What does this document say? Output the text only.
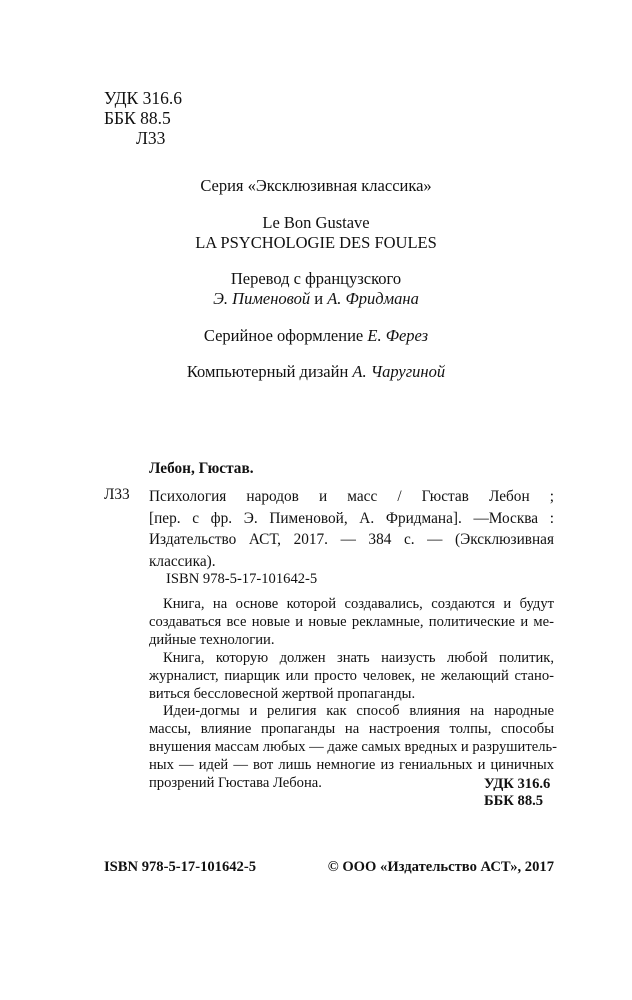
УДК 316.6
ББК 88.5
Л33
Серия «Эксклюзивная классика»
Le Bon Gustave
LA PSYCHOLOGIE DES FOULES
Перевод с французского
Э. Пименовой и А. Фридмана
Серийное оформление Е. Ферез
Компьютерный дизайн А. Чаругиной
Лебон, Гюстав.
Л33 Психология народов и масс / Гюстав Лебон ;
[пер. с фр. Э. Пименовой, А. Фридмана]. —Москва :
Издательство АСТ, 2017. — 384 с. — (Эксклюзивная
классика).
ISBN 978-5-17-101642-5

Книга, на основе которой создавались, создаются и будут
создаваться все новые и новые рекламные, политические и ме-
дийные технологии.

Книга, которую должен знать наизусть любой политик,
журналист, пиарщик или просто человек, не желающий стано-
виться бессловесной жертвой пропаганды.

Идеи-догмы и религия как способ влияния на народные
массы, влияние пропаганды на настроения толпы, способы
внушения массам любых — даже самых вредных и разрушитель-
ных — идей — вот лишь немногие из гениальных и циничных
прозрений Гюстава Лебона.	УДК 316.6
ББК 88.5
ISBN 978-5-17-101642-5	© ООО «Издательство АСТ», 2017
